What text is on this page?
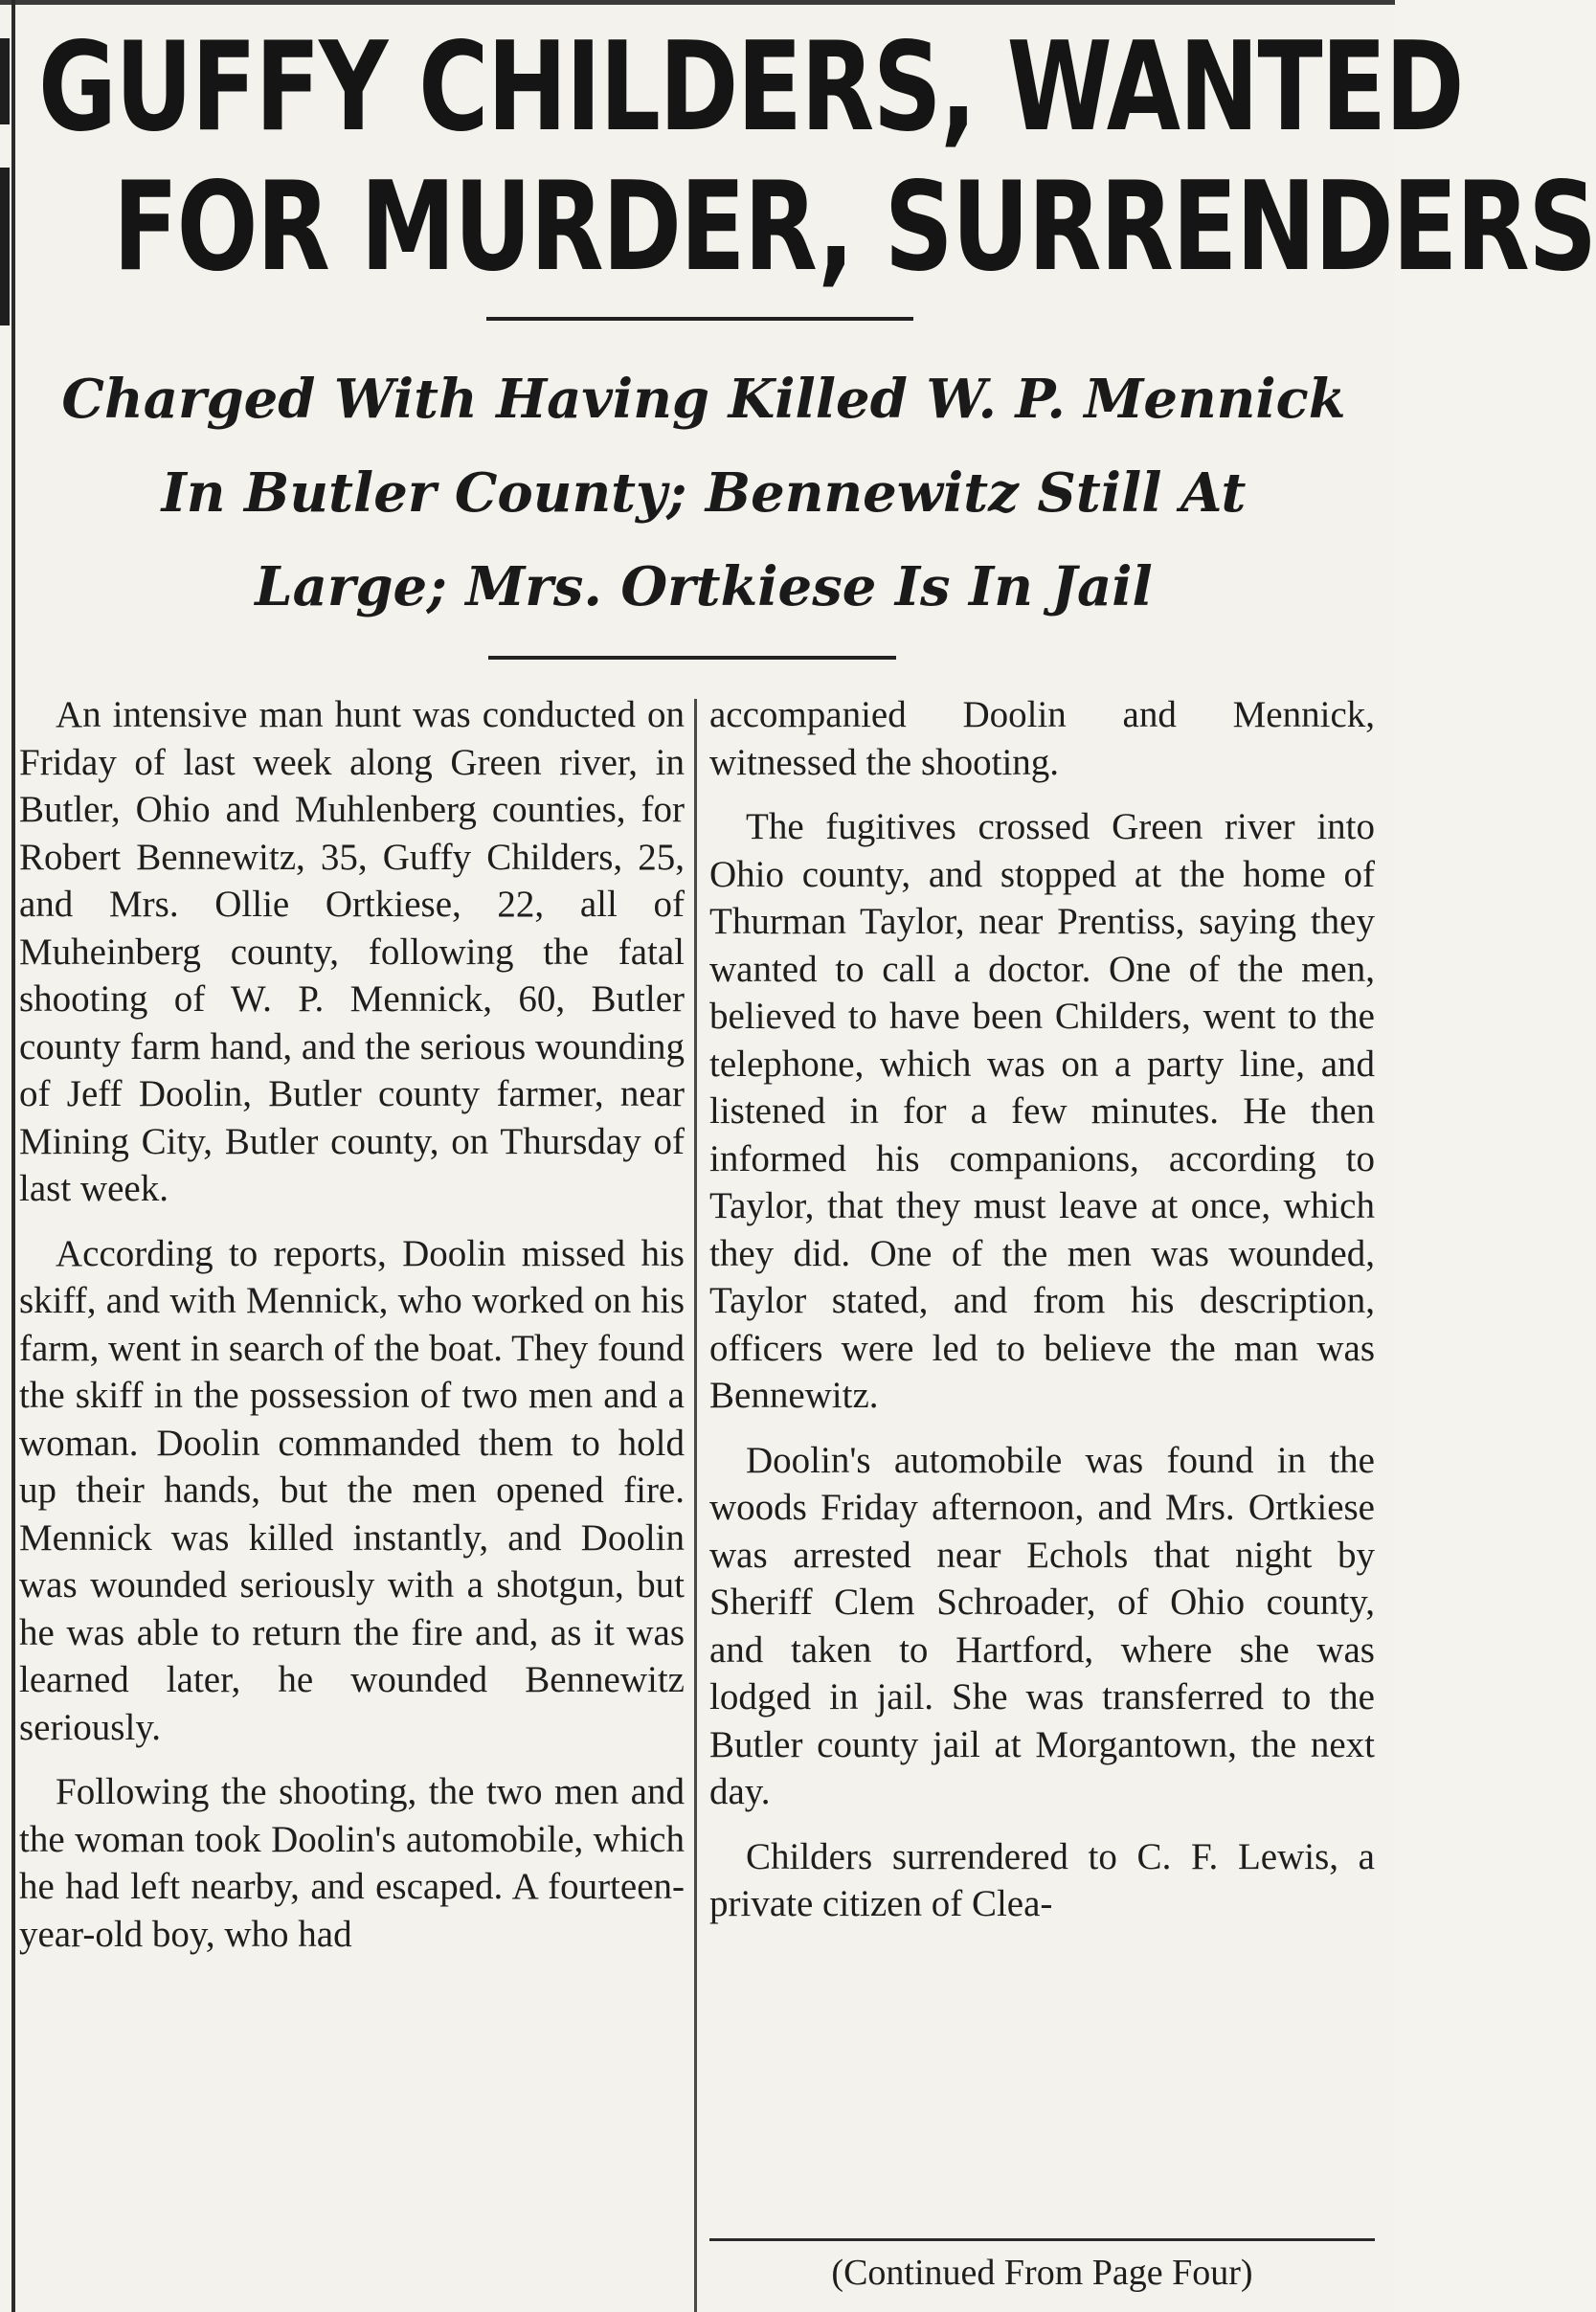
GUFFY CHILDERS, WANTED
FOR MURDER, SURRENDERS
Charged With Having Killed W. P. Mennick
In Butler County; Bennewitz Still At
Large; Mrs. Ortkiese Is In Jail

An intensive man hunt was conducted on Friday of last week along Green river, in Butler, Ohio and Muhlenberg counties, for Robert Bennewitz, 35, Guffy Childers, 25, and Mrs. Ollie Ortkiese, 22, all of Muheinberg county, following the fatal shooting of W. P. Mennick, 60, Butler county farm hand, and the serious wounding of Jeff Doolin, Butler county farmer, near Mining City, Butler county, on Thursday of last week.

According to reports, Doolin missed his skiff, and with Mennick, who worked on his farm, went in search of the boat. They found the skiff in the possession of two men and a woman. Doolin commanded them to hold up their hands, but the men opened fire. Mennick was killed instantly, and Doolin was wounded seriously with a shotgun, but he was able to return the fire and, as it was learned later, he wounded Bennewitz seriously.

Following the shooting, the two men and the woman took Doolin's automobile, which he had left nearby, and escaped. A fourteen-year-old boy, who had

accompanied Doolin and Mennick, witnessed the shooting.

The fugitives crossed Green river into Ohio county, and stopped at the home of Thurman Taylor, near Prentiss, saying they wanted to call a doctor. One of the men, believed to have been Childers, went to the telephone, which was on a party line, and listened in for a few minutes. He then informed his companions, according to Taylor, that they must leave at once, which they did. One of the men was wounded, Taylor stated, and from his description, officers were led to believe the man was Bennewitz.

Doolin's automobile was found in the woods Friday afternoon, and Mrs. Ortkiese was arrested near Echols that night by Sheriff Clem Schroader, of Ohio county, and taken to Hartford, where she was lodged in jail. She was transferred to the Butler county jail at Morgantown, the next day.

Childers surrendered to C. F. Lewis, a private citizen of Clea-

(Continued From Page Four)
